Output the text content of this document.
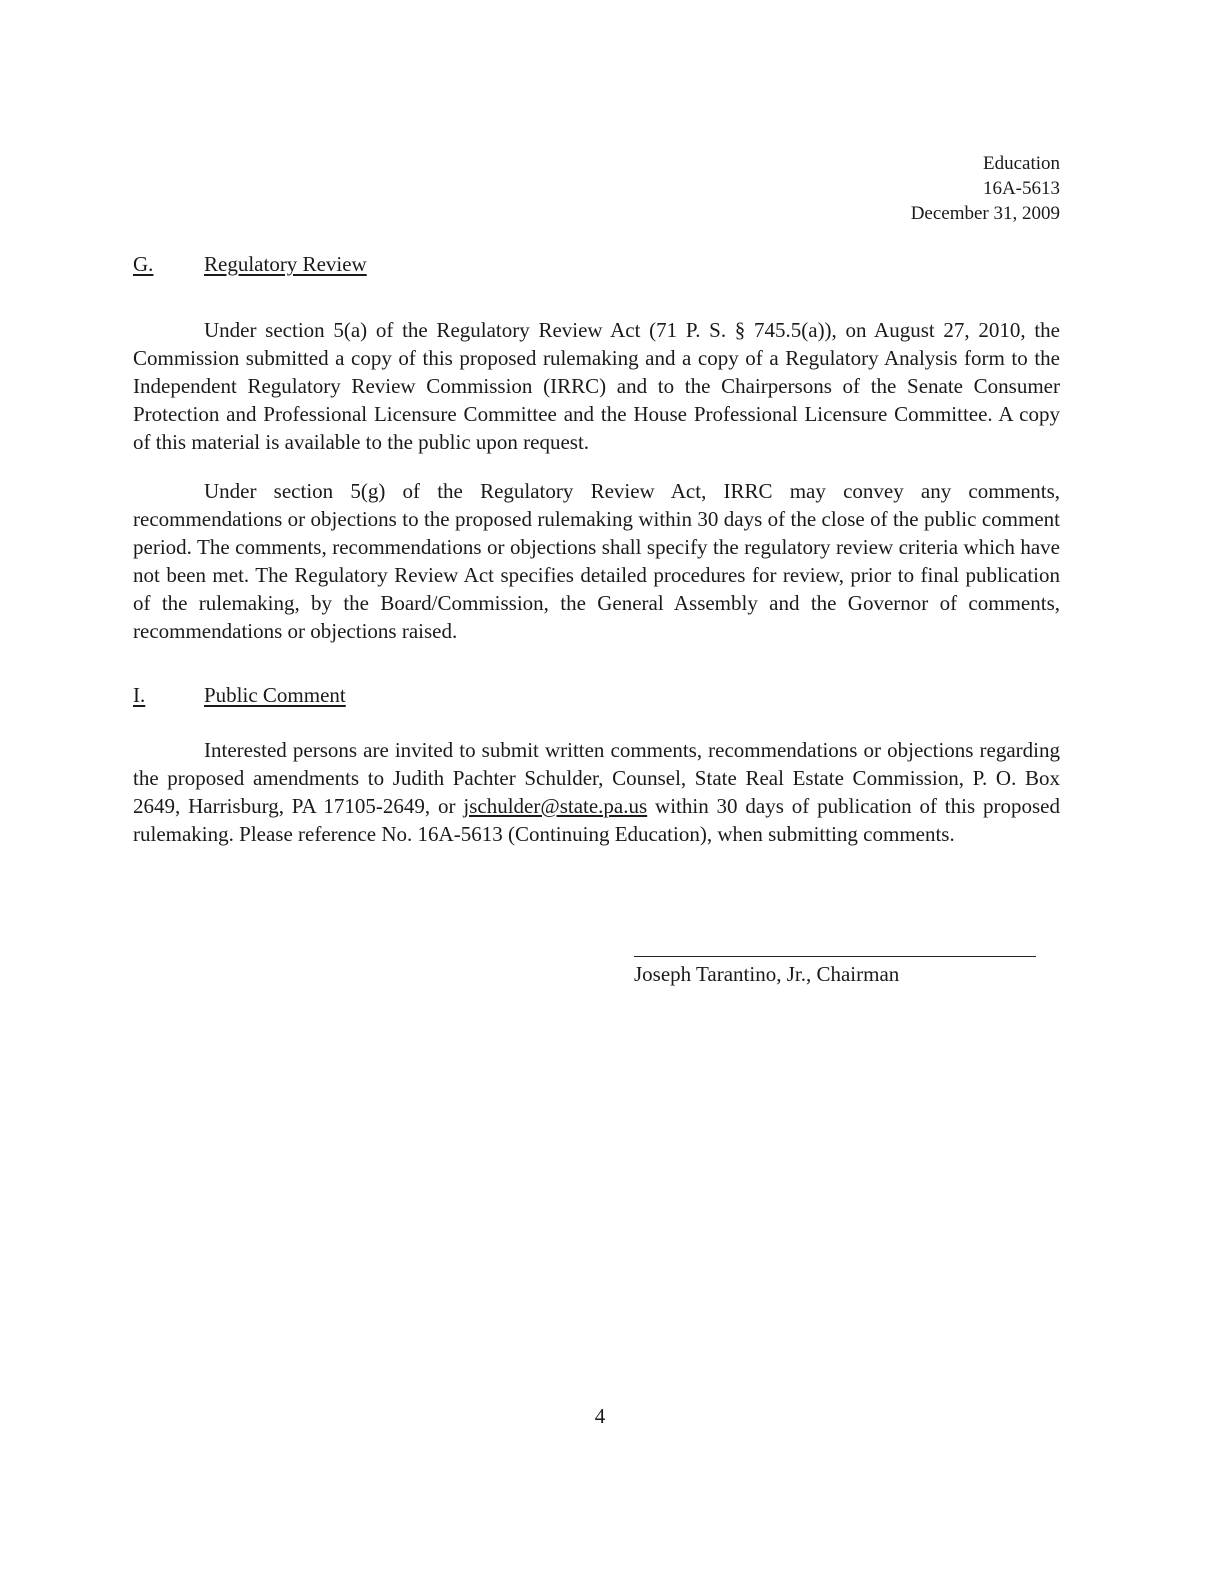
Education
16A-5613
December 31, 2009
G. Regulatory Review

Under section 5(a) of the Regulatory Review Act (71 P. S. § 745.5(a)), on August 27, 2010, the Commission submitted a copy of this proposed rulemaking and a copy of a Regulatory Analysis form to the Independent Regulatory Review Commission (IRRC) and to the Chairpersons of the Senate Consumer Protection and Professional Licensure Committee and the House Professional Licensure Committee. A copy of this material is available to the public upon request.

Under section 5(g) of the Regulatory Review Act, IRRC may convey any comments, recommendations or objections to the proposed rulemaking within 30 days of the close of the public comment period. The comments, recommendations or objections shall specify the regulatory review criteria which have not been met. The Regulatory Review Act specifies detailed procedures for review, prior to final publication of the rulemaking, by the Board/Commission, the General Assembly and the Governor of comments, recommendations or objections raised.

I.	Public Comment

Interested persons are invited to submit written comments, recommendations or objections regarding the proposed amendments to Judith Pachter Schulder, Counsel, State Real Estate Commission, P. O. Box 2649, Harrisburg, PA 17105-2649, or jschulder@state.pa.us within 30 days of publication of this proposed rulemaking. Please reference No. 16A-5613 (Continuing Education), when submitting comments.

Joseph Tarantino, Jr., Chairman
4
